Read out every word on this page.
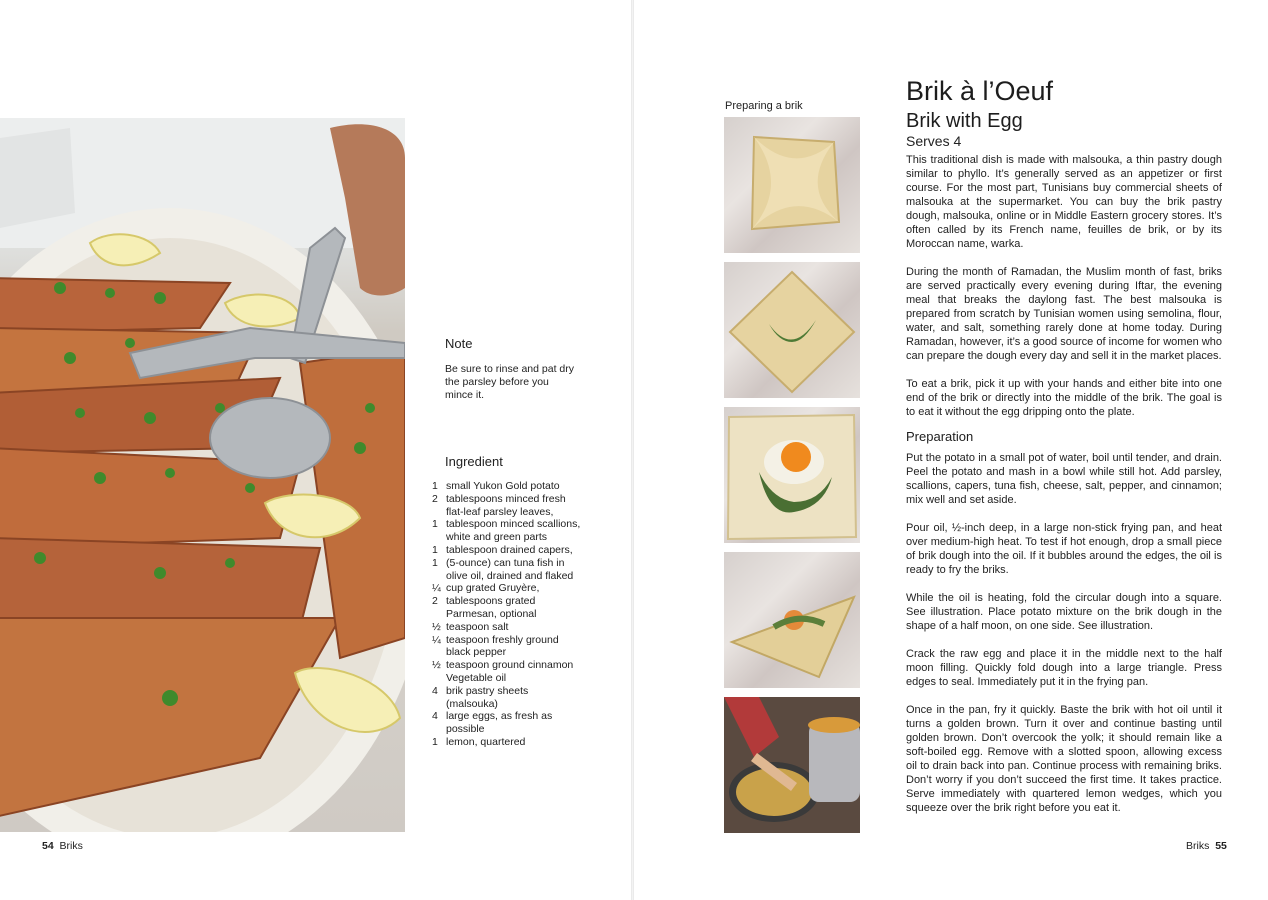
Note
Be sure to rinse and pat dry the parsley before you mince it.
Ingredient
1 small Yukon Gold potato
2 tablespoons minced fresh flat-leaf parsley leaves,
1 tablespoon minced scallions, white and green parts
1 tablespoon drained capers,
1 (5-ounce) can tuna fish in olive oil, drained and flaked
¼ cup grated Gruyère,
2 tablespoons grated Parmesan, optional
½ teaspoon salt
¼ teaspoon freshly ground black pepper
½ teaspoon ground cinnamon
Vegetable oil
4 brik pastry sheets (malsouka)
4 large eggs, as fresh as possible
1 lemon, quartered
54 Briks
Preparing a brik	Brik à l’Oeuf
Brik with Egg
Serves 4

This traditional dish is made with malsouka, a thin pastry dough similar to phyllo. It’s generally served as an appetizer or first course. For the most part, Tunisians buy commercial sheets of malsouka at the supermarket. You can buy the brik pastry dough, malsouka, online or in Middle Eastern grocery stores. It’s often called by its French name, feuilles de brik, or by its Moroccan name, warka.

During the month of Ramadan, the Muslim month of fast, briks are served practically every evening during Iftar, the evening meal that breaks the daylong fast. The best malsouka is prepared from scratch by Tunisian women using semolina, flour, water, and salt, something rarely done at home today. During Ramadan, however, it’s a good source of income for women who can prepare the dough every day and sell it in the market places.

To eat a brik, pick it up with your hands and either bite into one end of the brik or directly into the middle of the brik. The goal is to eat it without the egg dripping onto the plate.

Preparation

Put the potato in a small pot of water, boil until tender, and drain. Peel the potato and mash in a bowl while still hot. Add parsley, scallions, capers, tuna fish, cheese, salt, pepper, and cinnamon; mix well and set aside.

Pour oil, ½-inch deep, in a large non-stick frying pan, and heat over medium-high heat. To test if hot enough, drop a small piece of brik dough into the oil. If it bubbles around the edges, the oil is ready to fry the briks.

While the oil is heating, fold the circular dough into a square. See illustration. Place potato mixture on the brik dough in the shape of a half moon, on one side. See illustration.

Crack the raw egg and place it in the middle next to the half moon filling. Quickly fold dough into a large triangle. Press edges to seal. Immediately put it in the frying pan.

Once in the pan, fry it quickly. Baste the brik with hot oil until it turns a golden brown. Turn it over and continue basting until golden brown. Don’t overcook the yolk; it should remain like a soft-boiled egg. Remove with a slotted spoon, allowing excess oil to drain back into pan. Continue process with remaining briks. Don’t worry if you don’t succeed the first time. It takes practice. Serve immediately with quartered lemon wedges, which you squeeze over the brik right before you eat it.

Briks 55
